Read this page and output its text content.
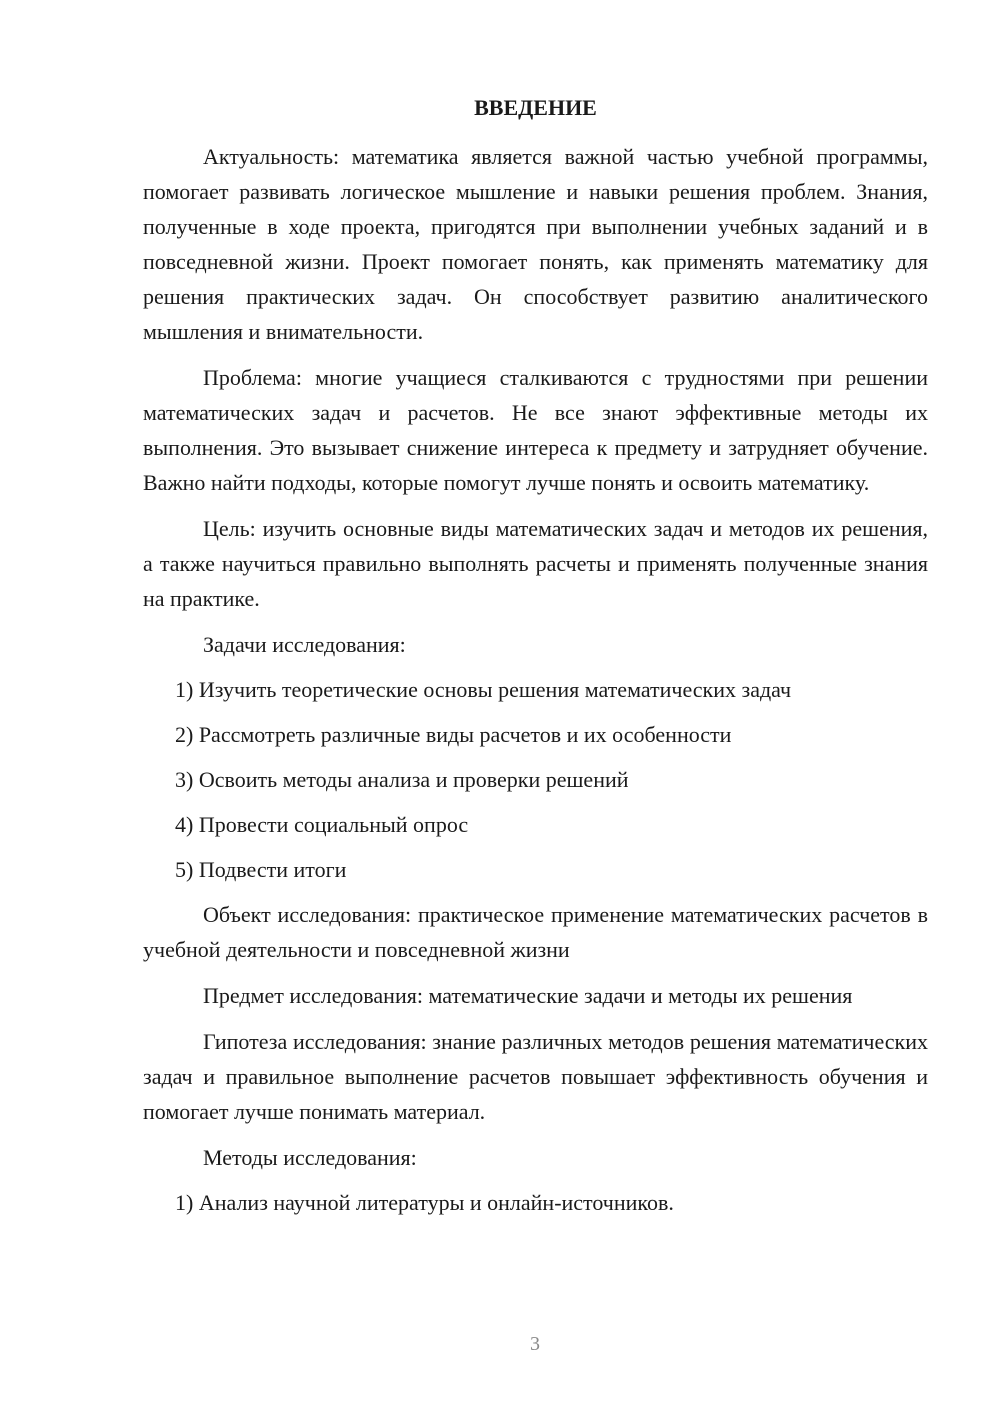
ВВЕДЕНИЕ

Актуальность: математика является важной частью учебной программы, помогает развивать логическое мышление и навыки решения проблем. Знания, полученные в ходе проекта, пригодятся при выполнении учебных заданий и в повседневной жизни. Проект помогает понять, как применять математику для решения практических задач. Он способствует развитию аналитического мышления и внимательности.

Проблема: многие учащиеся сталкиваются с трудностями при решении математических задач и расчетов. Не все знают эффективные методы их выполнения. Это вызывает снижение интереса к предмету и затрудняет обучение. Важно найти подходы, которые помогут лучше понять и освоить математику.

Цель: изучить основные виды математических задач и методов их решения, а также научиться правильно выполнять расчеты и применять полученные знания на практике.

Задачи исследования:
1) Изучить теоретические основы решения математических задач
2) Рассмотреть различные виды расчетов и их особенности
3) Освоить методы анализа и проверки решений
4) Провести социальный опрос
5) Подвести итоги

Объект исследования: практическое применение математических расчетов в учебной деятельности и повседневной жизни

Предмет исследования: математические задачи и методы их решения

Гипотеза исследования: знание различных методов решения математических задач и правильное выполнение расчетов повышает эффективность обучения и помогает лучше понимать материал.

Методы исследования:
1) Анализ научной литературы и онлайн-источников.
3
